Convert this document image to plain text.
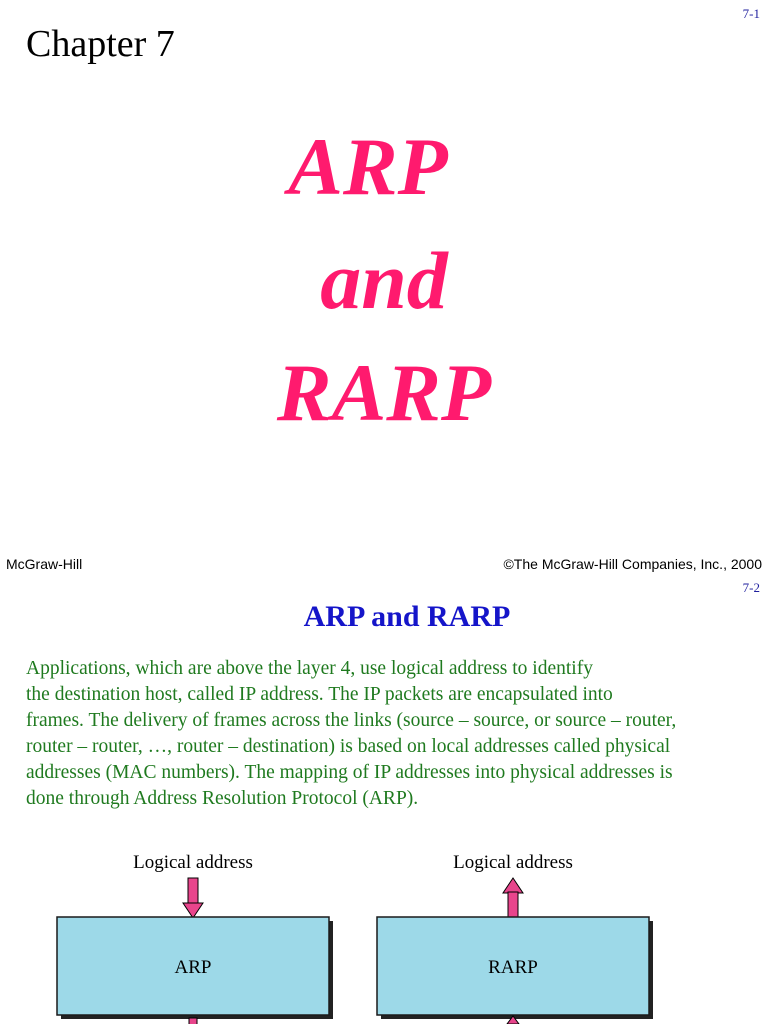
7-1
Chapter 7
ARP
and
RARP
McGraw-Hill	©The McGraw-Hill Companies, Inc., 2000
7-2
ARP and RARP
Applications, which are above the layer 4, use logical address to identify
the destination host, called IP address. The IP packets are encapsulated into
frames. The delivery of frames across the links (source – source, or source – router,
router – router, …, router – destination) is based on local addresses called physical
addresses (MAC numbers). The mapping of IP addresses into physical addresses is
done through Address Resolution Protocol (ARP).
Logical address
ARP
Logical address
RARP
